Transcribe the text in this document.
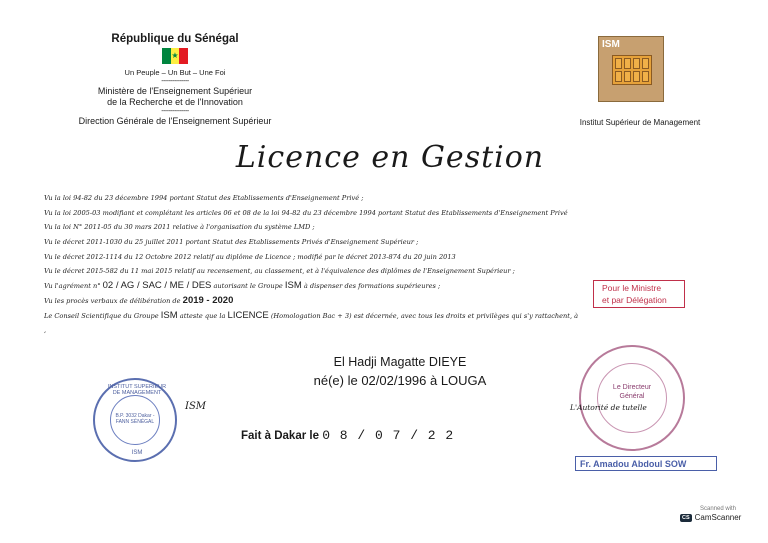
République du Sénégal
★
Un Peuple – Un But – Une Foi
---------------
Ministère de l'Enseignement Supérieur
de la Recherche et de l'Innovation
---------------
Direction Générale de l'Enseignement Supérieur
ISM
Institut Supérieur de Management
Licence en Gestion
Vu la loi 94-82 du 23 décembre 1994 portant Statut des Etablissements d'Enseignement Privé ;
Vu la loi 2005-03 modifiant et complétant les articles 06 et 08 de la loi 94-82 du 23 décembre 1994 portant Statut des Etablissements d'Enseignement Privé
Vu la loi N° 2011-05 du 30 mars 2011 relative à l'organisation du système LMD ;
Vu le décret 2011-1030 du 25 juillet 2011 portant Statut des Etablissements Privés d'Enseignement Supérieur ;
Vu le décret 2012-1114 du 12 Octobre 2012 relatif au diplôme de Licence ; modifié par le décret 2013-874 du 20 juin 2013
Vu le décret 2015-582 du 11 mai 2015 relatif au recensement, au classement, et à l'équivalence des diplômes de l'Enseignement Supérieur ;
Vu l'agrément n° 02 / AG / SAC / ME / DES autorisant le Groupe ISM à dispenser des formations supérieures ;
Vu les procès verbaux de délibération de 2019 - 2020
Le Conseil Scientifique du Groupe ISM atteste que la LICENCE (Homologation Bac + 3) est décernée, avec tous les droits et privilèges qui s'y rattachent, à
,
Pour le Ministre
et par Délégation
El Hadji Magatte DIEYE
né(e) le 02/02/1996 à LOUGA
INSTITUT SUPERIEUR DE MANAGEMENT
B.P. 3032 Dakar - FANN SÉNÉGAL
ISM
ISM
Fait à Dakar le 0 8 / 0 7 / 2 2
Le Directeur Général
L'Autorité de tutelle
Fr. Amadou Abdoul SOW
Scanned with
CS CamScanner
